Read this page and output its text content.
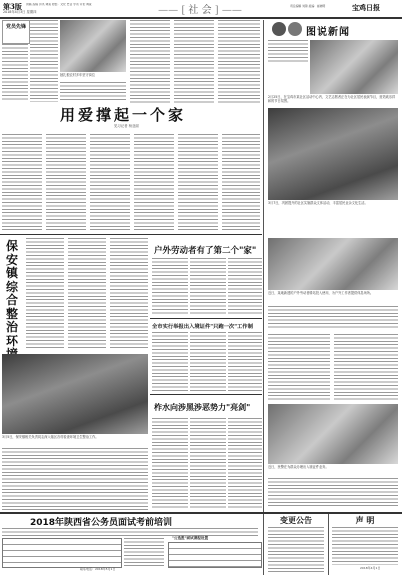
第3版 供稿 投稿 资讯 调查 财经 · 文化 史话 学苑 评论 调查
2018年4月3日 星期四	—— [ 社 会 ] ——	责任编辑 刘锦 美编：崔晓明	宝鸡日报
党员先锋
她扎根农村多年坚守岗位
用爱撑起一个家
见习记者 杨亚丽
图说新闻
2月25日，在宝鸡市某社区活动中心内，文艺志愿者正在为社区居民表演节目，营造欢乐祥和的节日氛围。
3月7日，巩固提升的社区实施群众文体活动，丰富居民业余文化生活。
保安镇综合整治环
户外劳动者有了第二个"家"
近日，某地新建的户外劳动者驿站投入使用，为户外工作者提供休息场所。
全市实行举报出入境证件"只跑一次"工作制
3月5日，保安镇相关负责同志深入辖区各村检查环境卫生整治工作。
近日，民警在为群众办理出入境证件业务。
柞水向涉黑涉恶势力"亮剑"
2018年陕西省公务员面试考前培训
"公选胜"面试课程设置
联系电话：2018年5月1日
变更公告	声 明
2018年4月1日
